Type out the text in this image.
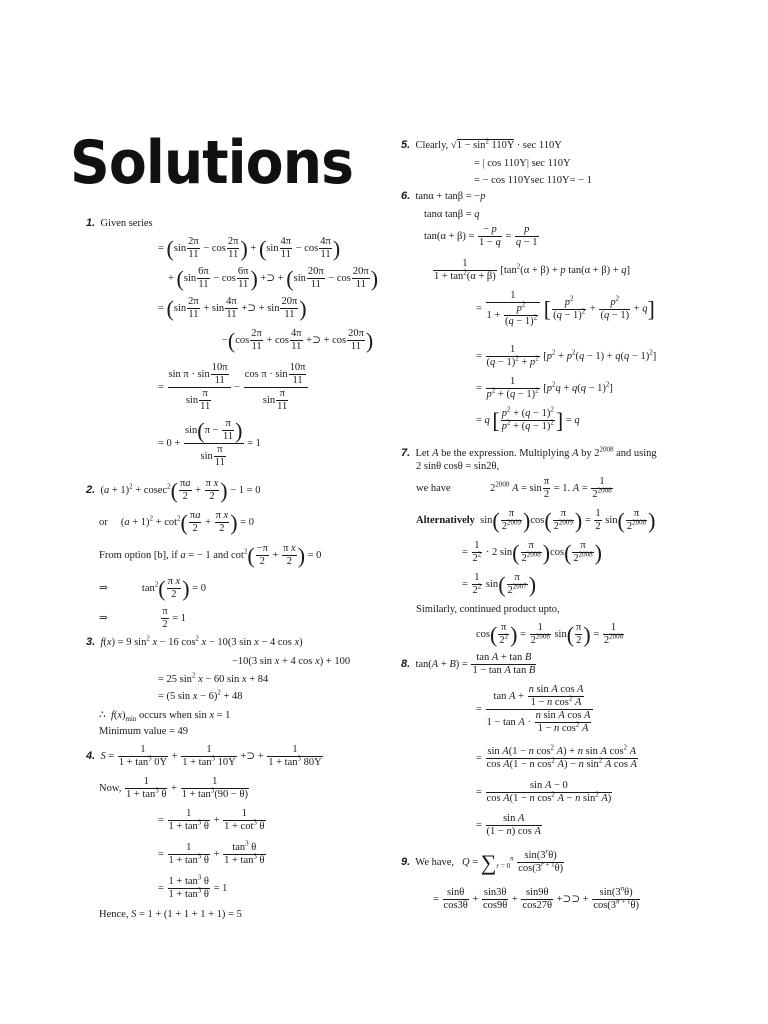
Solutions
1.  Given series
= ($\sin \frac{2\pi}{11} - \cos \frac{2\pi}{11}$ ) + ($\sin \frac{4\pi}{11} - \cos \frac{4\pi}{11}$ )
+ ($\sin \frac{6\pi}{11} - \cos \frac{6\pi}{11}$ ) +⊃ + ($\sin \frac{20\pi}{11} - \cos \frac{20\pi}{11}$ )
= ($\sin \frac{2\pi}{11} + \sin \frac{4\pi}{11}$ +⊃ + $\sin \frac{20\pi}{11}$ )
$-(\cos \frac{2\pi}{11} + \cos \frac{4\pi}{11}$ +⊃ + $\cos \frac{20\pi}{11}$ )
= $\frac{\sin \pi \cdot \sin \frac{10\pi}{11}}{\sin \frac{\pi}{11}} - \frac{\cos \pi \cdot \sin \frac{10\pi}{11}}{\sin \frac{\pi}{11}}$
= $0 + \frac{\sin(\pi - \frac{\pi}{11} )}{\sin \frac{\pi}{11}} = 1$
2.  $(a + 1)^2 + cosec^2( \frac{\pi a}{2} + \frac{\text{π x}}{2}$ ) − 1 = 0
or     $(a + 1)^2 + \cot^2( \frac{\pi a}{2} + \frac{\text{π x}}{2}$ ) = 0
From option [b], if a = − 1 and $\cot^2( \frac{-\pi}{2} + \frac{\text{π x}}{2}$ ) = 0
⇒             $\tan^2( \frac{\text{π x}}{2}$ ) = 0
⇒ $\frac{\pi}{2} = 1$
3. f(x) = 9 $\sin^2 x - 16$ $\cos^2 x - 10(3$ sin x − 4 cos x)
−10(3 sin x + 4 cos x) + 100
= 25 $\sin^2 x - 60$ sin x + 84
= (5 sin x − 6)$^2$ + 48
∴  $f(x)_{min}$ occurs when sin x = 1
Minimum value = 49
4. $S = \frac{1}{1 + \tan^3 0\Upsilon} + \frac{1}{1 + \tan^3 10\Upsilon}$ +⊃ + $\frac{1}{1 + \tan^3 80\Upsilon}$
Now, $\frac{1}{1 + \tan^3 \theta} + \frac{1}{1 + \tan^3(90 - \theta)}$
= $\frac{1}{1 + \tan^3 \theta} + \frac{1}{1 + \cot^3 \theta}$
= $\frac{1}{1 + \tan^3 \theta} + \frac{\tan^3 \theta}{1 + \tan^3 \theta}$
= $\frac{1 + \tan^3 \theta}{1 + \tan^3 \theta} = 1$
Hence, S = 1 + (1 + 1 + 1 + 1) = 5
5.  Clearly, $√1 - \sin^2 110\Upsilon \cdot \sec 110\Upsilon$
= | cos 110Υ| sec 110Υ
= − cos 110Υsec 110Υ= − 1
6.  tanα + tanβ = −p
tanα tanβ = q
$\tan(\alpha + \beta) = \frac{- p}{1 - q} = \frac{p}{q - 1}$
$\frac{1}{1 + \tan^2(\alpha + \beta)} [\tan^2(\alpha + \beta) + p$ tan(α + β) + q]
= $\frac{1}{1 + \frac{p^2}{(q - 1)^2}}$ [ $\frac{p^2}{(q - 1)^2} + \frac{p^2}{(q - 1)} + q$]
= $\frac{1}{(q - 1)^2 + p^2} [p^2 + p^2(q - 1) + q(q - 1)^2]$
= $\frac{1}{p^2 + (q - 1)^2} [p^2q + q(q - 1)^2]$
= q [ $\frac{p^2 + (q - 1)^2}{p^2 + (q - 1)^2}$ ] = q
7.  Let A be the expression. Multiplying A by $2^{2008}$ and using
2 sinθ cosθ = sin2θ,
we have               $2^{2008}$ $A = \sin \frac{\pi}{2} = 1$. $A = \frac{1}{2^{2008}}$
Alternatively  $\sin( \frac{\pi}{2^{2009}} )\cos( \frac{\pi}{2^{2009}}$ ) = $\frac{1}{2} \sin( \frac{\pi}{2^{2008}}$ )
= $\frac{1}{2^2} \cdot 2$ $\sin( \frac{\pi}{2^{2008}} )\cos( \frac{\pi}{2^{2008}}$ )
= $\frac{1}{2^2} \sin( \frac{\pi}{2^{2007}}$ )
Similarly, continued product upto,
$\cos( \frac{\pi}{2^2}$ ) = $\frac{1}{2^{2008}} \sin( \frac{\pi}{2}$ ) = $\frac{1}{2^{2008}}$
8.  $\tan(A + B) = \frac{\text{tan A + tan B}}{\text{1 − tan A tan B}}$
= $\frac{\tan A + \frac{\text{n sin A cos A}}{1 - n \cos^2 A}}{1 - \tan A \cdot \frac{\text{n sin A cos A}}{1 - n \cos^2 A}}$
= $\frac{\sin A(1 - n \cos^2 A) + n \sin A \cos^2 A}{\cos A(1 - n \cos^2 A) - n \sin^2 A \cos A}$
= $\frac{\text{sin A − 0}}{\cos A(1 - n \cos^2 A - n \sin^2 A)}$
= $\frac{\text{sin A}}{\text{(1 − n) cos A}}$
9.  We have,   $Q = \sum_{r = 0}^n \frac{\sin(3^r\theta)}{\cos(3^{r + 1}\theta)}$
= $\frac{\sin\theta}{\cos 3\theta} + \frac{\sin 3\theta}{\cos 9\theta} + \frac{\sin 9\theta}{\cos 27\theta}$ +⊃⊃ + $\frac{\sin(3^n\theta)}{\cos(3^{n + 1}\theta)}$
